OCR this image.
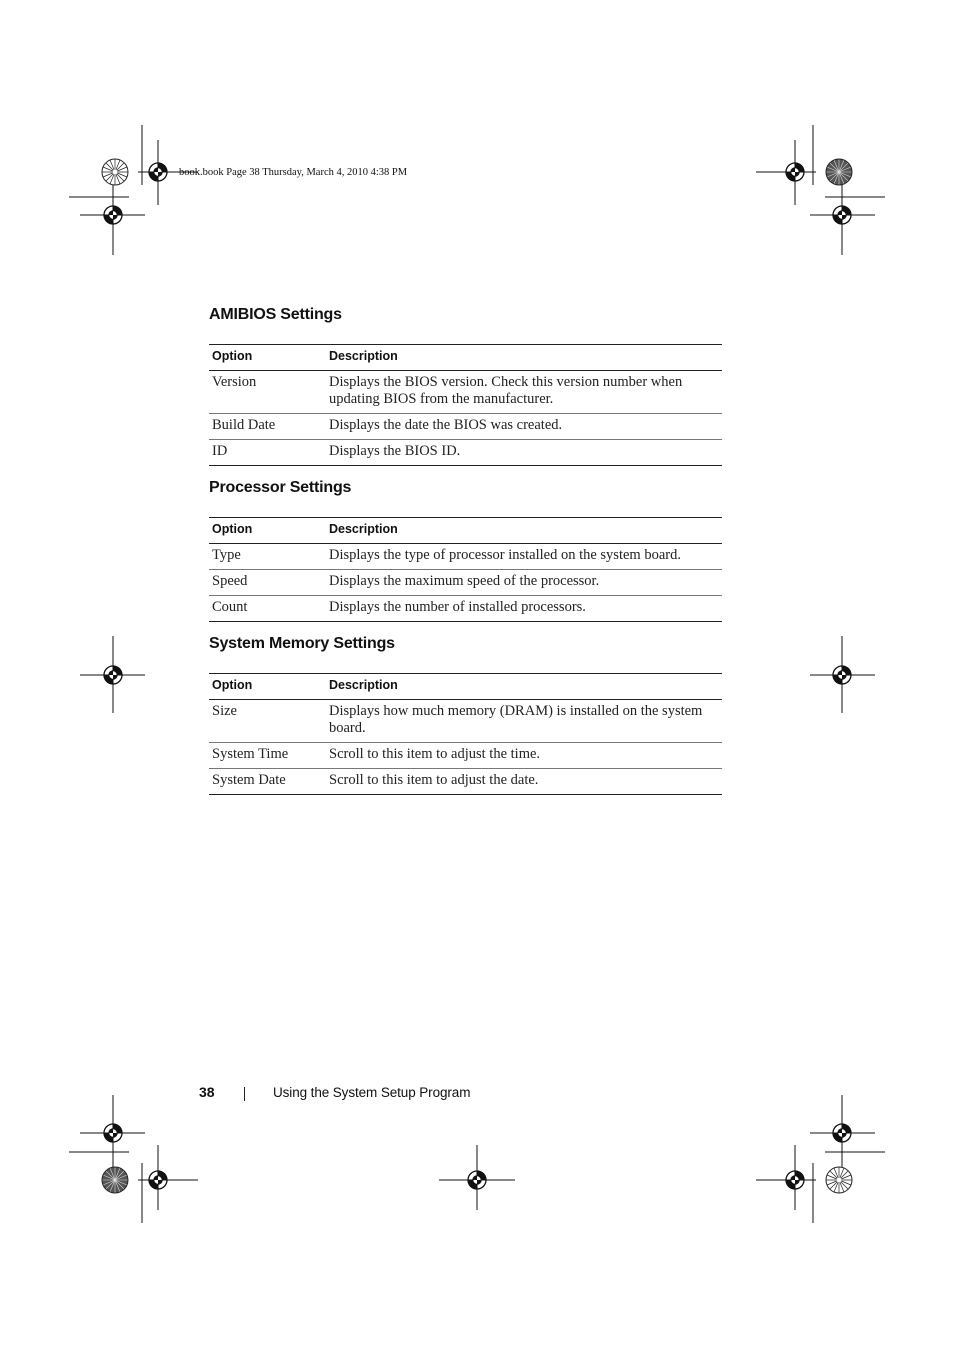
book.book Page 38 Thursday, March 4, 2010 4:38 PM
AMIBIOS Settings
Option	Description
Version	Displays the BIOS version. Check this version number when updating BIOS from the manufacturer.
Build Date	Displays the date the BIOS was created.
ID	Displays the BIOS ID.
Processor Settings
Option	Description
Type	Displays the type of processor installed on the system board.
Speed	Displays the maximum speed of the processor.
Count	Displays the number of installed processors.
System Memory Settings
Option	Description
Size	Displays how much memory (DRAM) is installed on the system board.
System Time	Scroll to this item to adjust the time.
System Date	Scroll to this item to adjust the date.
38	Using the System Setup Program
